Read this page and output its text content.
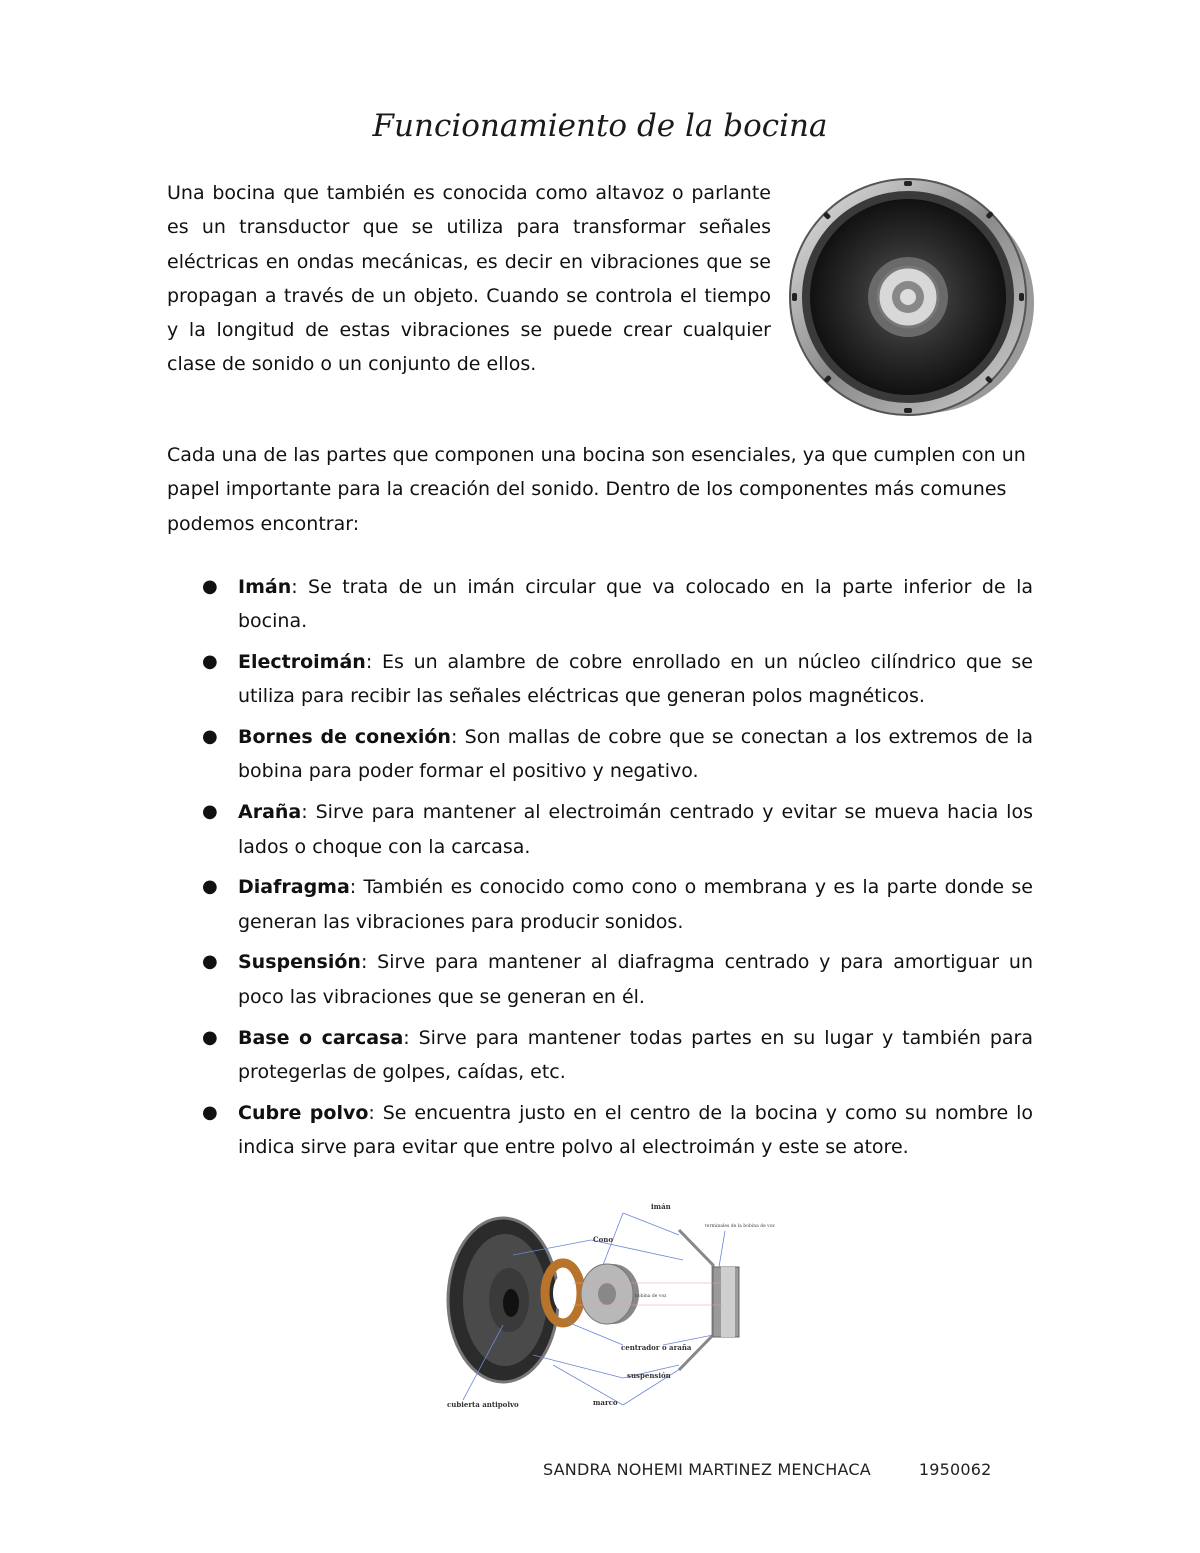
Funcionamiento de la bocina
Una bocina que también es conocida como altavoz o parlante es un transductor que se utiliza para transformar señales eléctricas en ondas mecánicas, es decir en vibraciones que se propagan a través de un objeto. Cuando se controla el tiempo y la longitud de estas vibraciones se puede crear cualquier clase de sonido o un conjunto de ellos.
Cada una de las partes que componen una bocina son esenciales, ya que cumplen con un papel importante para la creación del sonido. Dentro de los componentes más comunes podemos encontrar:
● Imán: Se trata de un imán circular que va colocado en la parte inferior de la bocina.
● Electroimán: Es un alambre de cobre enrollado en un núcleo cilíndrico que se utiliza para recibir las señales eléctricas que generan polos magnéticos.
● Bornes de conexión: Son mallas de cobre que se conectan a los extremos de la bobina para poder formar el positivo y negativo.
● Araña: Sirve para mantener al electroimán centrado y evitar se mueva hacia los lados o choque con la carcasa.
● Diafragma: También es conocido como cono o membrana y es la parte donde se generan las vibraciones para producir sonidos.
● Suspensión: Sirve para mantener al diafragma centrado y para amortiguar un poco las vibraciones que se generan en él.
● Base o carcasa: Sirve para mantener todas partes en su lugar y también para protegerlas de golpes, caídas, etc.
● Cubre polvo: Se encuentra justo en el centro de la bocina y como su nombre lo indica sirve para evitar que entre polvo al electroimán y este se atore.
imán
Cono
centrador o araña
suspensión
cubierta antipolvo	marco
terminales de la bobina de voz
bobina de voz
SANDRA NOHEMI MARTINEZ MENCHACA	1950062
